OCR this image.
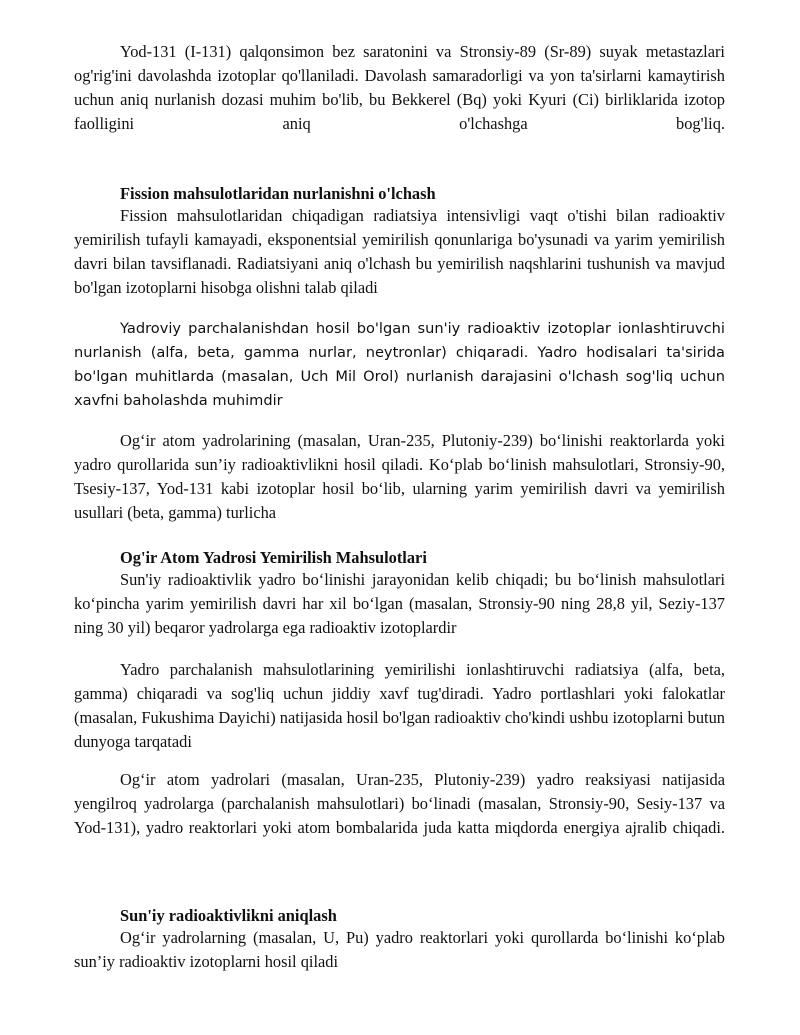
Yod-131 (I-131) qalqonsimon bez saratonini va Stronsiy-89 (Sr-89) suyak metastazlari og'rig'ini davolashda izotoplar qo'llaniladi. Davolash samaradorligi va yon ta'sirlarni kamaytirish uchun aniq nurlanish dozasi muhim bo'lib, bu Bekkerel (Bq) yoki Kyuri (Ci) birliklarida izotop faolligini aniq o'lchashga bog'liq.

Fission mahsulotlaridan nurlanishni o'lchash

Fission mahsulotlaridan chiqadigan radiatsiya intensivligi vaqt o'tishi bilan radioaktiv yemirilish tufayli kamayadi, eksponentsial yemirilish qonunlariga bo'ysunadi va yarim yemirilish davri bilan tavsiflanadi. Radiatsiyani aniq o'lchash bu yemirilish naqshlarini tushunish va mavjud bo'lgan izotoplarni hisobga olishni talab qiladi

Yadroviy parchalanishdan hosil bo'lgan sun'iy radioaktiv izotoplar ionlashtiruvchi nurlanish (alfa, beta, gamma nurlar, neytronlar) chiqaradi. Yadro hodisalari ta'sirida bo'lgan muhitlarda (masalan, Uch Mil Orol) nurlanish darajasini o'lchash sog'liq uchun xavfni baholashda muhimdir

Og‘ir atom yadrolarining (masalan, Uran-235, Plutoniy-239) bo‘linishi reaktorlarda yoki yadro qurollarida sun’iy radioaktivlikni hosil qiladi. Ko‘plab bo‘linish mahsulotlari, Stronsiy-90, Tsesiy-137, Yod-131 kabi izotoplar hosil bo‘lib, ularning yarim yemirilish davri va yemirilish usullari (beta, gamma) turlicha

Og'ir Atom Yadrosi Yemirilish Mahsulotlari

Sun'iy radioaktivlik yadro bo‘linishi jarayonidan kelib chiqadi; bu bo‘linish mahsulotlari ko‘pincha yarim yemirilish davri har xil bo‘lgan (masalan, Stronsiy-90 ning 28,8 yil, Seziy-137 ning 30 yil) beqaror yadrolarga ega radioaktiv izotoplardir

Yadro parchalanish mahsulotlarining yemirilishi ionlashtiruvchi radiatsiya (alfa, beta, gamma) chiqaradi va sog'liq uchun jiddiy xavf tug'diradi. Yadro portlashlari yoki falokatlar (masalan, Fukushima Dayichi) natijasida hosil bo'lgan radioaktiv cho'kindi ushbu izotoplarni butun dunyoga tarqatadi

Og‘ir atom yadrolari (masalan, Uran-235, Plutoniy-239) yadro reaksiyasi natijasida yengilroq yadrolarga (parchalanish mahsulotlari) bo‘linadi (masalan, Stronsiy-90, Sesiy-137 va Yod-131), yadro reaktorlari yoki atom bombalarida juda katta miqdorda energiya ajralib chiqadi.

Sun'iy radioaktivlikni aniqlash

Og‘ir yadrolarning (masalan, U, Pu) yadro reaktorlari yoki qurollarda bo‘linishi ko‘plab sun’iy radioaktiv izotoplarni hosil qiladi
